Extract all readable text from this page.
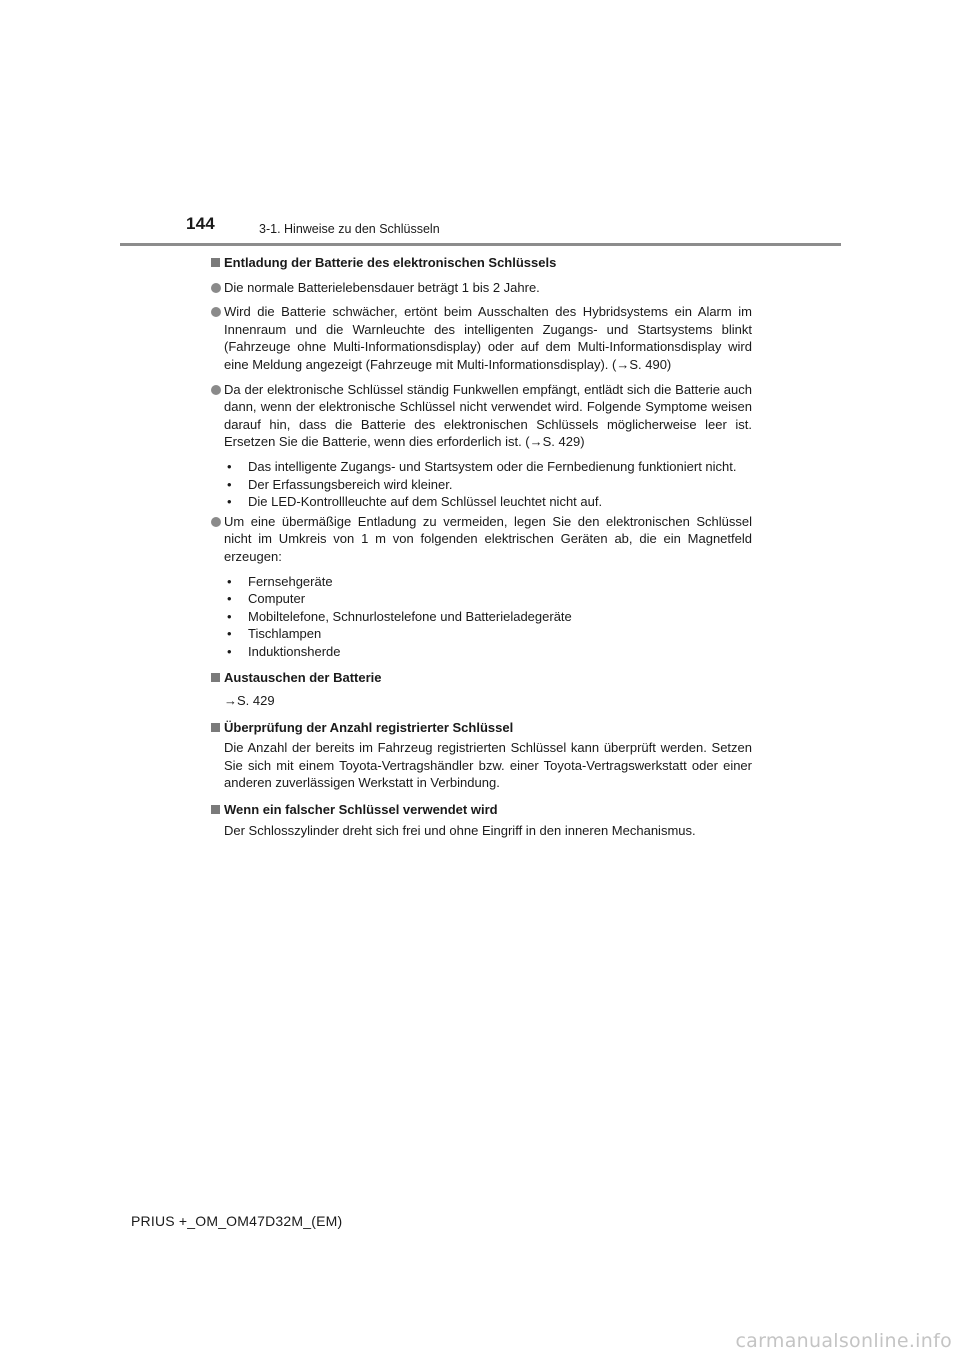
144	3-1. Hinweise zu den Schlüsseln
Entladung der Batterie des elektronischen Schlüssels
Die normale Batterielebensdauer beträgt 1 bis 2 Jahre.
Wird die Batterie schwächer, ertönt beim Ausschalten des Hybridsystems ein Alarm im Innenraum und die Warnleuchte des intelligenten Zugangs- und Startsystems blinkt (Fahrzeuge ohne Multi-Informationsdisplay) oder auf dem Multi-Informationsdisplay wird eine Meldung angezeigt (Fahrzeuge mit Multi-Informationsdisplay). (→S. 490)
Da der elektronische Schlüssel ständig Funkwellen empfängt, entlädt sich die Batterie auch dann, wenn der elektronische Schlüssel nicht verwendet wird. Folgende Symptome weisen darauf hin, dass die Batterie des elektronischen Schlüssels möglicherweise leer ist. Ersetzen Sie die Batterie, wenn dies erforderlich ist. (→S. 429)
• Das intelligente Zugangs- und Startsystem oder die Fernbedienung funktioniert nicht.
• Der Erfassungsbereich wird kleiner.
• Die LED-Kontrollleuchte auf dem Schlüssel leuchtet nicht auf.
Um eine übermäßige Entladung zu vermeiden, legen Sie den elektronischen Schlüssel nicht im Umkreis von 1 m von folgenden elektrischen Geräten ab, die ein Magnetfeld erzeugen:
• Fernsehgeräte
• Computer
• Mobiltelefone, Schnurlostelefone und Batterieladegeräte
• Tischlampen
• Induktionsherde
Austauschen der Batterie
→S. 429
Überprüfung der Anzahl registrierter Schlüssel
Die Anzahl der bereits im Fahrzeug registrierten Schlüssel kann überprüft werden. Setzen Sie sich mit einem Toyota-Vertragshändler bzw. einer Toyota-Vertragswerkstatt oder einer anderen zuverlässigen Werkstatt in Verbindung.
Wenn ein falscher Schlüssel verwendet wird
Der Schlosszylinder dreht sich frei und ohne Eingriff in den inneren Mechanismus.
PRIUS +_OM_OM47D32M_(EM)
carmanualsonline.info
